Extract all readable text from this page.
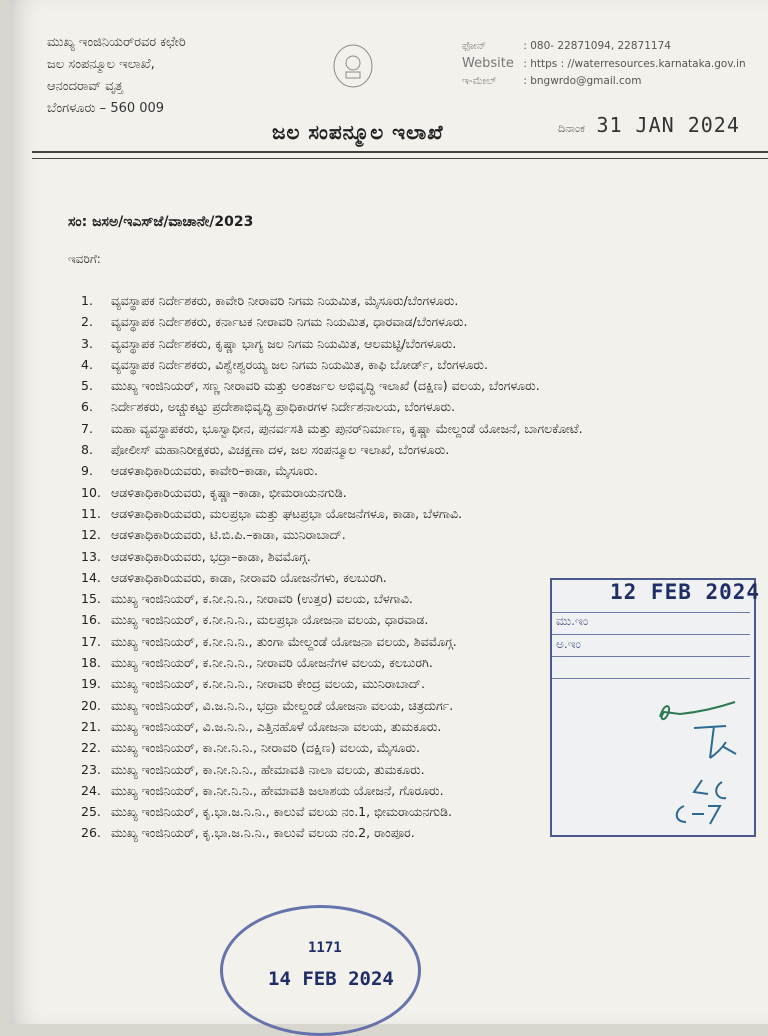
ಮುಖ್ಯ ಇಂಜಿನಿಯರ್‌ರವರ ಕಛೇರಿ
ಜಲ ಸಂಪನ್ಮೂಲ ಇಲಾಖೆ,
ಆನಂದರಾವ್ ವೃತ್ತ
ಬೆಂಗಳೂರು – 560 009
ಫೋನ್	: 080- 22871094, 22871174
Website : https : //waterresources.karnataka.gov.in
ಇ-ಮೇಲ್	: bngwrdo@gmail.com
ಜಲ ಸಂಪನ್ಮೂಲ ಇಲಾಖೆ	ದಿನಾಂಕ 31 JAN 2024
ಸಂ: ಜಸಅ/ಇಎಸ್‌ಜೆ/ವಾಚಾನೇ/2023
ಇವರಿಗೆ:
1. ವ್ಯವಸ್ಥಾಪಕ ನಿರ್ದೇಶಕರು, ಕಾವೇರಿ ನೀರಾವರಿ ನಿಗಮ ನಿಯಮಿತ, ಮೈಸೂರು/ಬೆಂಗಳೂರು.
2. ವ್ಯವಸ್ಥಾಪಕ ನಿರ್ದೇಶಕರು, ಕರ್ನಾಟಕ ನೀರಾವರಿ ನಿಗಮ ನಿಯಮಿತ, ಧಾರವಾಡ/ಬೆಂಗಳೂರು.
3. ವ್ಯವಸ್ಥಾಪಕ ನಿರ್ದೇಶಕರು, ಕೃಷ್ಣಾ ಭಾಗ್ಯ ಜಲ ನಿಗಮ ನಿಯಮಿತ, ಆಲಮಟ್ಟಿ/ಬೆಂಗಳೂರು.
4. ವ್ಯವಸ್ಥಾಪಕ ನಿರ್ದೇಶಕರು, ವಿಶ್ವೇಶ್ವರಯ್ಯ ಜಲ ನಿಗಮ ನಿಯಮಿತ, ಕಾಫಿ ಬೋರ್ಡ್, ಬೆಂಗಳೂರು.
5. ಮುಖ್ಯ ಇಂಜಿನಿಯರ್, ಸಣ್ಣ ನೀರಾವರಿ ಮತ್ತು ಅಂತರ್ಜಲ ಅಭಿವೃದ್ಧಿ ಇಲಾಖೆ (ದಕ್ಷಿಣ) ವಲಯ, ಬೆಂಗಳೂರು.
6. ನಿರ್ದೇಶಕರು, ಅಚ್ಚುಕಟ್ಟು ಪ್ರದೇಶಾಭಿವೃದ್ಧಿ ಪ್ರಾಧಿಕಾರಗಳ ನಿರ್ದೇಶನಾಲಯ, ಬೆಂಗಳೂರು.
7. ಮಹಾ ವ್ಯವಸ್ಥಾಪಕರು, ಭೂಸ್ವಾಧೀನ, ಪುನರ್ವಸತಿ ಮತ್ತು ಪುನರ್‌ನಿರ್ಮಾಣ, ಕೃಷ್ಣಾ ಮೇಲ್ದಂಡೆ ಯೋಜನೆ, ಬಾಗಲಕೋಟೆ.
8. ಪೋಲೀಸ್ ಮಹಾನಿರೀಕ್ಷಕರು, ವಿಚಕ್ಷಣಾ ದಳ, ಜಲ ಸಂಪನ್ಮೂಲ ಇಲಾಖೆ, ಬೆಂಗಳೂರು.
9. ಆಡಳಿತಾಧಿಕಾರಿಯವರು, ಕಾವೇರಿ–ಕಾಡಾ, ಮೈಸೂರು.
10. ಆಡಳಿತಾಧಿಕಾರಿಯವರು, ಕೃಷ್ಣಾ–ಕಾಡಾ, ಭೀಮರಾಯನಗುಡಿ.
11. ಆಡಳಿತಾಧಿಕಾರಿಯವರು, ಮಲಪ್ರಭಾ ಮತ್ತು ಘಟಪ್ರಭಾ ಯೋಜನೆಗಳೂ, ಕಾಡಾ, ಬೆಳಗಾವಿ.
12. ಆಡಳಿತಾಧಿಕಾರಿಯವರು, ಟಿ.ಬಿ.ಪಿ.–ಕಾಡಾ, ಮುನಿರಾಬಾದ್.
13. ಆಡಳಿತಾಧಿಕಾರಿಯವರು, ಭದ್ರಾ–ಕಾಡಾ, ಶಿವಮೊಗ್ಗ.
14. ಆಡಳಿತಾಧಿಕಾರಿಯವರು, ಕಾಡಾ, ನೀರಾವರಿ ಯೋಜನೆಗಳು, ಕಲಬುರಗಿ.
15. ಮುಖ್ಯ ಇಂಜಿನಿಯರ್, ಕ.ನೀ.ನಿ.ನಿ., ನೀರಾವರಿ (ಉತ್ತರ) ವಲಯ, ಬೆಳಗಾವಿ.
16. ಮುಖ್ಯ ಇಂಜಿನಿಯರ್, ಕ.ನೀ.ನಿ.ನಿ., ಮಲಪ್ರಭಾ ಯೋಜನಾ ವಲಯ, ಧಾರವಾಡ.
17. ಮುಖ್ಯ ಇಂಜಿನಿಯರ್, ಕ.ನೀ.ನಿ.ನಿ., ತುಂಗಾ ಮೇಲ್ದಂಡೆ ಯೋಜನಾ ವಲಯ, ಶಿವಮೊಗ್ಗ.
18. ಮುಖ್ಯ ಇಂಜಿನಿಯರ್, ಕ.ನೀ.ನಿ.ನಿ., ನೀರಾವರಿ ಯೋಜನೆಗಳ ವಲಯ, ಕಲಬುರಗಿ.
19. ಮುಖ್ಯ ಇಂಜಿನಿಯರ್, ಕ.ನೀ.ನಿ.ನಿ., ನೀರಾವರಿ ಕೇಂದ್ರ ವಲಯ, ಮುನಿರಾಬಾದ್.
20. ಮುಖ್ಯ ಇಂಜಿನಿಯರ್, ವಿ.ಜ.ನಿ.ನಿ., ಭದ್ರಾ ಮೇಲ್ದಂಡೆ ಯೋಜನಾ ವಲಯ, ಚಿತ್ರದುರ್ಗ.
21. ಮುಖ್ಯ ಇಂಜಿನಿಯರ್, ವಿ.ಜ.ನಿ.ನಿ., ಎತ್ತಿನಹೊಳೆ ಯೋಜನಾ ವಲಯ, ತುಮಕೂರು.
22. ಮುಖ್ಯ ಇಂಜಿನಿಯರ್, ಕಾ.ನೀ.ನಿ.ನಿ., ನೀರಾವರಿ (ದಕ್ಷಿಣ) ವಲಯ, ಮೈಸೂರು.
23. ಮುಖ್ಯ ಇಂಜಿನಿಯರ್, ಕಾ.ನೀ.ನಿ.ನಿ., ಹೇಮಾವತಿ ನಾಲಾ ವಲಯ, ತುಮಕೂರು.
24. ಮುಖ್ಯ ಇಂಜಿನಿಯರ್, ಕಾ.ನೀ.ನಿ.ನಿ., ಹೇಮಾವತಿ ಜಲಾಶಯ ಯೋಜನೆ, ಗೊರೂರು.
25. ಮುಖ್ಯ ಇಂಜಿನಿಯರ್, ಕೃ.ಭಾ.ಜ.ನಿ.ನಿ., ಕಾಲುವೆ ವಲಯ ನಂ.1, ಭೀಮರಾಯನಗುಡಿ.
26. ಮುಖ್ಯ ಇಂಜಿನಿಯರ್, ಕೃ.ಭಾ.ಜ.ನಿ.ನಿ., ಕಾಲುವೆ ವಲಯ ನಂ.2, ರಾಂಪೂರ.
12 FEB 2024
ಮು.ಇಂ
ಅ.ಇಂ
1171
14 FEB 2024
